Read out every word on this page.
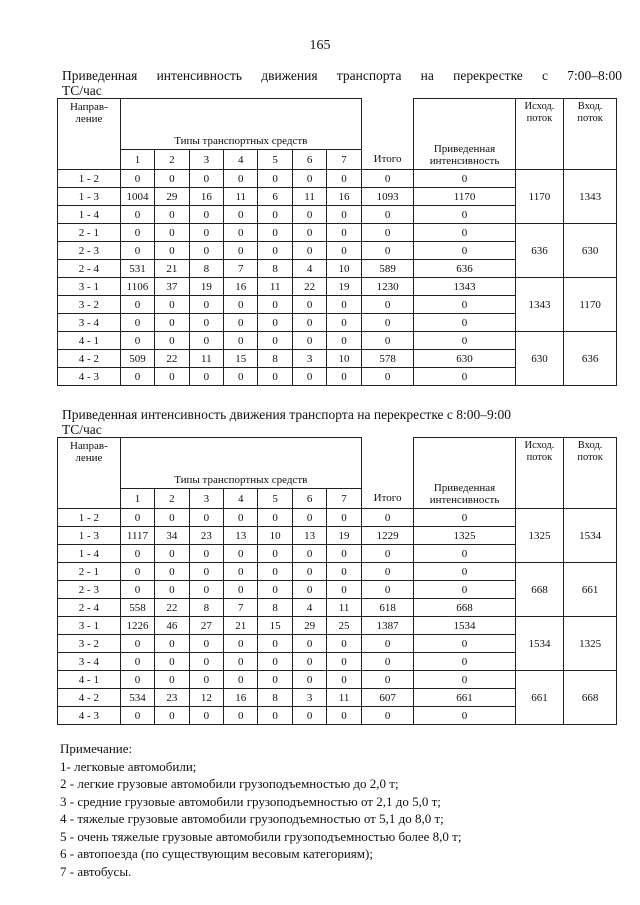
165
Приведенная интенсивность движения транспорта на перекрестке с 7:00–8:00
ТС/час
Направ-
ление	Типы транспортных средств								Приведенная
интенсивность	Исход.
поток	Вход.
поток
	1	2	3	4	5	6	7	Итого			
1 - 2	0	0	0	0	0	0	0	0	0	1170	1343
1 - 3	1004	29	16	11	6	11	16	1093	1170		
1 - 4	0	0	0	0	0	0	0	0	0		
2 - 1	0	0	0	0	0	0	0	0	0	636	630
2 - 3	0	0	0	0	0	0	0	0	0		
2 - 4	531	21	8	7	8	4	10	589	636		
3 - 1	1106	37	19	16	11	22	19	1230	1343	1343	1170
3 - 2	0	0	0	0	0	0	0	0	0		
3 - 4	0	0	0	0	0	0	0	0	0		
4 - 1	0	0	0	0	0	0	0	0	0	630	636
4 - 2	509	22	11	15	8	3	10	578	630		
4 - 3	0	0	0	0	0	0	0	0	0		
Приведенная интенсивность движения транспорта на перекрестке с 8:00–9:00
ТС/час
Направ-
ление	Типы транспортных средств								Приведенная
интенсивность	Исход.
поток	Вход.
поток
	1	2	3	4	5	6	7	Итого			
1 - 2	0	0	0	0	0	0	0	0	0	1325	1534
1 - 3	1117	34	23	13	10	13	19	1229	1325		
1 - 4	0	0	0	0	0	0	0	0	0		
2 - 1	0	0	0	0	0	0	0	0	0	668	661
2 - 3	0	0	0	0	0	0	0	0	0		
2 - 4	558	22	8	7	8	4	11	618	668		
3 - 1	1226	46	27	21	15	29	25	1387	1534	1534	1325
3 - 2	0	0	0	0	0	0	0	0	0		
3 - 4	0	0	0	0	0	0	0	0	0		
4 - 1	0	0	0	0	0	0	0	0	0	661	668
4 - 2	534	23	12	16	8	3	11	607	661		
4 - 3	0	0	0	0	0	0	0	0	0		
Примечание:
1- легковые автомобили;
2 - легкие грузовые автомобили грузоподъемностью до 2,0 т;
3 - средние грузовые автомобили грузоподъемностью от 2,1 до 5,0 т;
4 - тяжелые грузовые автомобили грузоподъемностью от 5,1 до 8,0 т;
5 - очень тяжелые грузовые автомобили грузоподъемностью более 8,0 т;
6 - автопоезда (по существующим весовым категориям);
7 - автобусы.
